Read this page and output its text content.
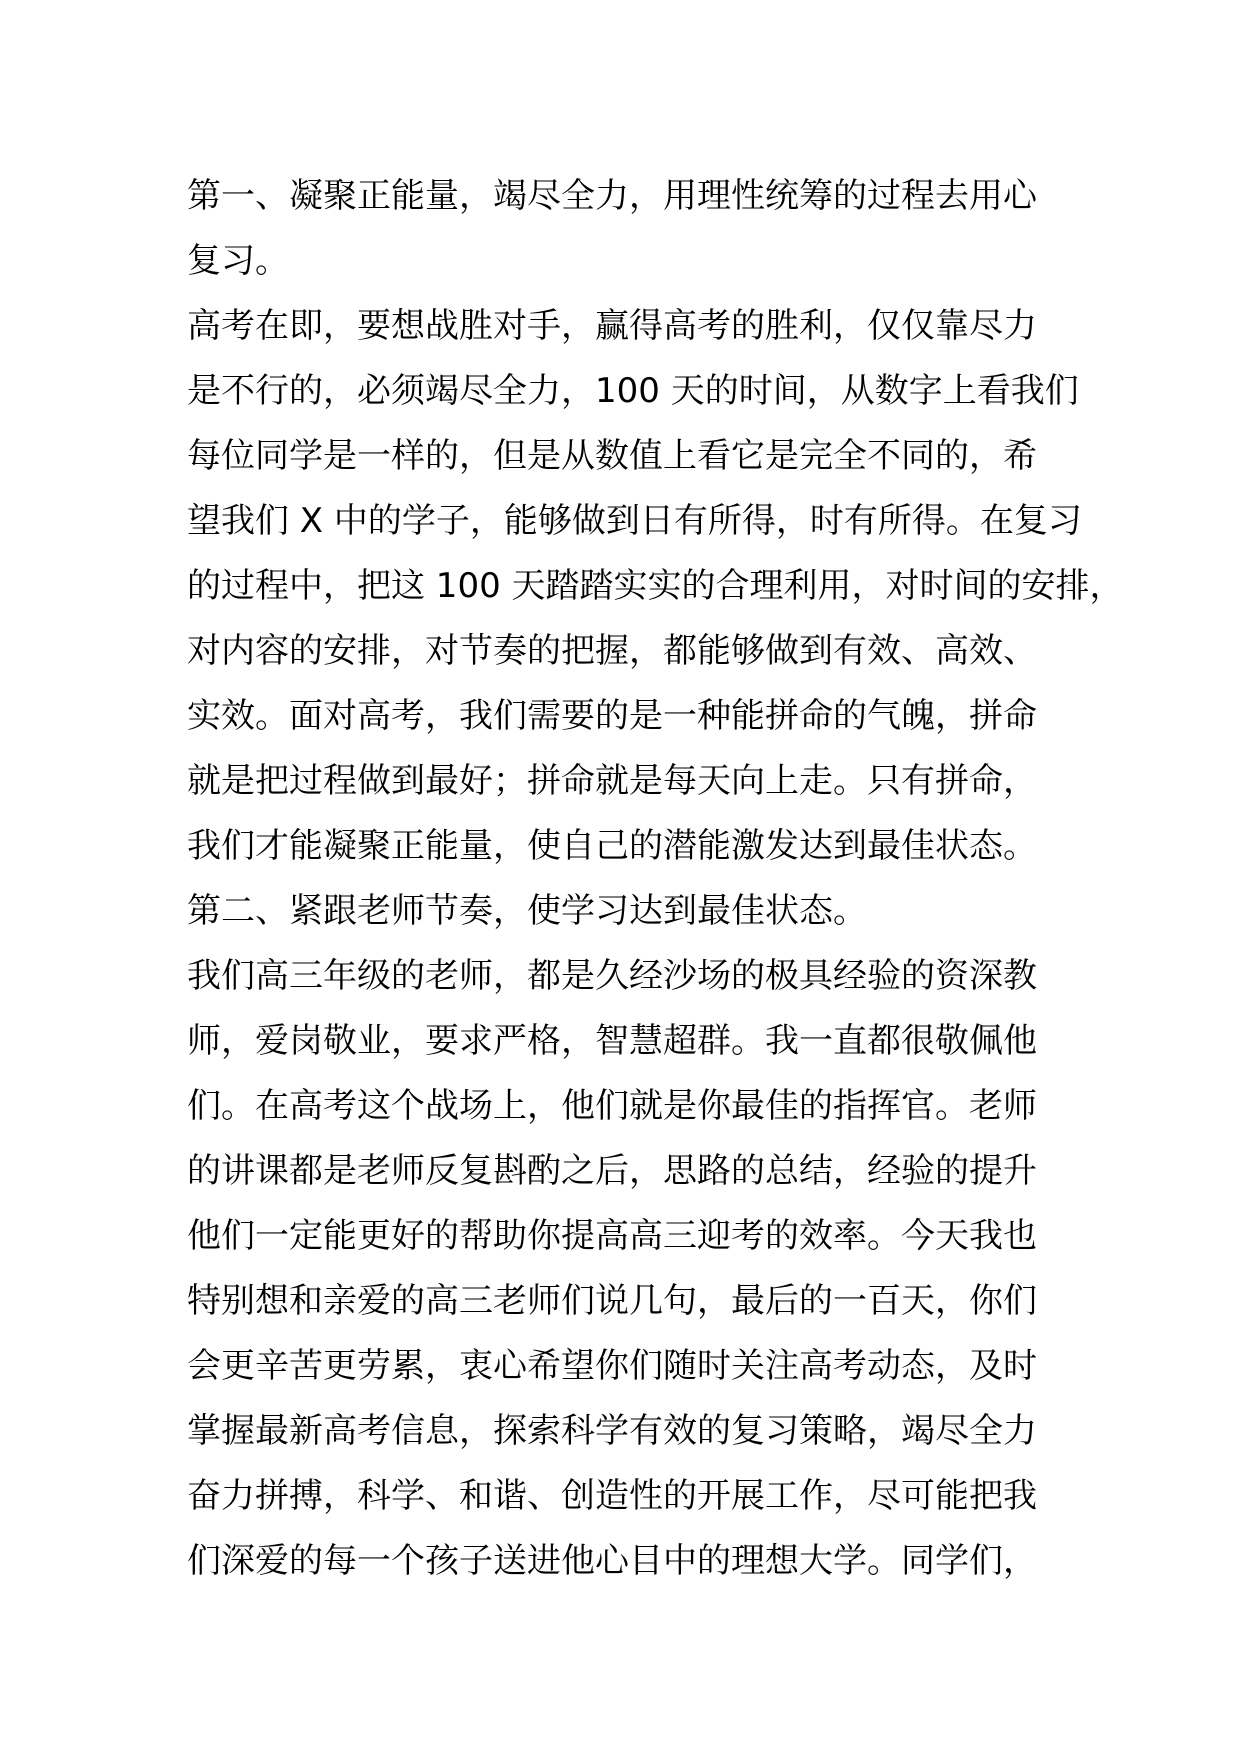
第一、凝聚正能量，竭尽全力，用理性统筹的过程去用心
复习。
高考在即，要想战胜对手，赢得高考的胜利，仅仅靠尽力
是不行的，必须竭尽全力，100 天的时间，从数字上看我们
每位同学是一样的，但是从数值上看它是完全不同的，希
望我们 X 中的学子，能够做到日有所得，时有所得。在复习
的过程中，把这 100 天踏踏实实的合理利用，对时间的安排，
对内容的安排，对节奏的把握，都能够做到有效、高效、
实效。面对高考，我们需要的是一种能拼命的气魄，拼命
就是把过程做到最好；拼命就是每天向上走。只有拼命，
我们才能凝聚正能量，使自己的潜能激发达到最佳状态。
第二、紧跟老师节奏，使学习达到最佳状态。
我们高三年级的老师，都是久经沙场的极具经验的资深教
师，爱岗敬业，要求严格，智慧超群。我一直都很敬佩他
们。在高考这个战场上，他们就是你最佳的指挥官。老师
的讲课都是老师反复斟酌之后，思路的总结，经验的提升
他们一定能更好的帮助你提高高三迎考的效率。今天我也
特别想和亲爱的高三老师们说几句，最后的一百天，你们
会更辛苦更劳累，衷心希望你们随时关注高考动态，及时
掌握最新高考信息，探索科学有效的复习策略，竭尽全力
奋力拼搏，科学、和谐、创造性的开展工作，尽可能把我
们深爱的每一个孩子送进他心目中的理想大学。同学们，
